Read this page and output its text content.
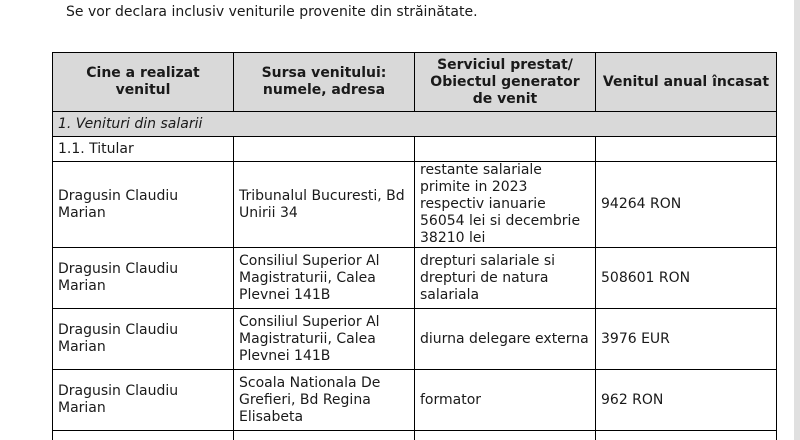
Se vor declara inclusiv veniturile provenite din străinătate.
Cine a realizat venitul	Sursa venitului: numele, adresa	Serviciul prestat/ Obiectul generator de venit	Venitul anual încasat
1. Venituri din salarii			
1.1. Titular			
Dragusin Claudiu Marian	Tribunalul Bucuresti, Bd Unirii 34	restante salariale primite in 2023 respectiv ianuarie 56054 lei si decembrie 38210 lei	94264 RON
Dragusin Claudiu Marian	Consiliul Superior Al Magistraturii, Calea Plevnei 141B	drepturi salariale si drepturi de natura salariala	508601 RON
Dragusin Claudiu Marian	Consiliul Superior Al Magistraturii, Calea Plevnei 141B	diurna delegare externa	3976 EUR
Dragusin Claudiu Marian	Scoala Nationala De Grefieri, Bd Regina Elisabeta	formator	962 RON
